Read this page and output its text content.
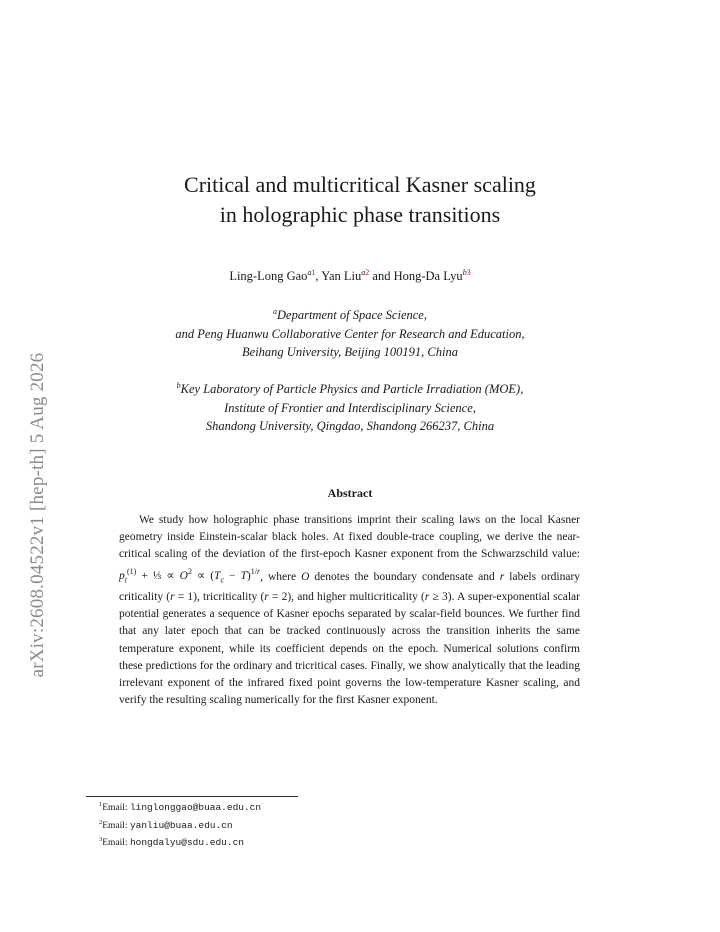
arXiv:2608.04522v1 [hep-th] 5 Aug 2026
Critical and multicritical Kasner scaling
in holographic phase transitions
Ling-Long Gao$^{a1}$, Yan Liu$^{a2}$ and Hong-Da Lyu$^{b3}$
$^a$Department of Space Science,
and Peng Huanwu Collaborative Center for Research and Education,
Beihang University, Beijing 100191, China
$^b$Key Laboratory of Particle Physics and Particle Irradiation (MOE),
Institute of Frontier and Interdisciplinary Science,
Shandong University, Qingdao, Shandong 266237, China
Abstract
We study how holographic phase transitions imprint their scaling laws on the local Kasner geometry inside Einstein-scalar black holes. At fixed double-trace coupling, we derive the near-critical scaling of the deviation of the first-epoch Kasner exponent from the Schwarzschild value: $p_t^{(1)}$ + ⅓ ∝ $O^2 \propto (T_c - T)^{1/r}$, where O denotes the boundary condensate and r labels ordinary criticality (r = 1), tricriticality (r = 2), and higher multicriticality (r ≥ 3). A super-exponential scalar potential generates a sequence of Kasner epochs separated by scalar-field bounces. We further find that any later epoch that can be tracked continuously across the transition inherits the same temperature exponent, while its coefficient depends on the epoch. Numerical solutions confirm these predictions for the ordinary and tricritical cases. Finally, we show analytically that the leading irrelevant exponent of the infrared fixed point governs the low-temperature Kasner scaling, and verify the resulting scaling numerically for the first Kasner exponent.
$^1$Email: linglonggao@buaa.edu.cn
$^2$Email: yanliu@buaa.edu.cn
$^3$Email: hongdalyu@sdu.edu.cn
